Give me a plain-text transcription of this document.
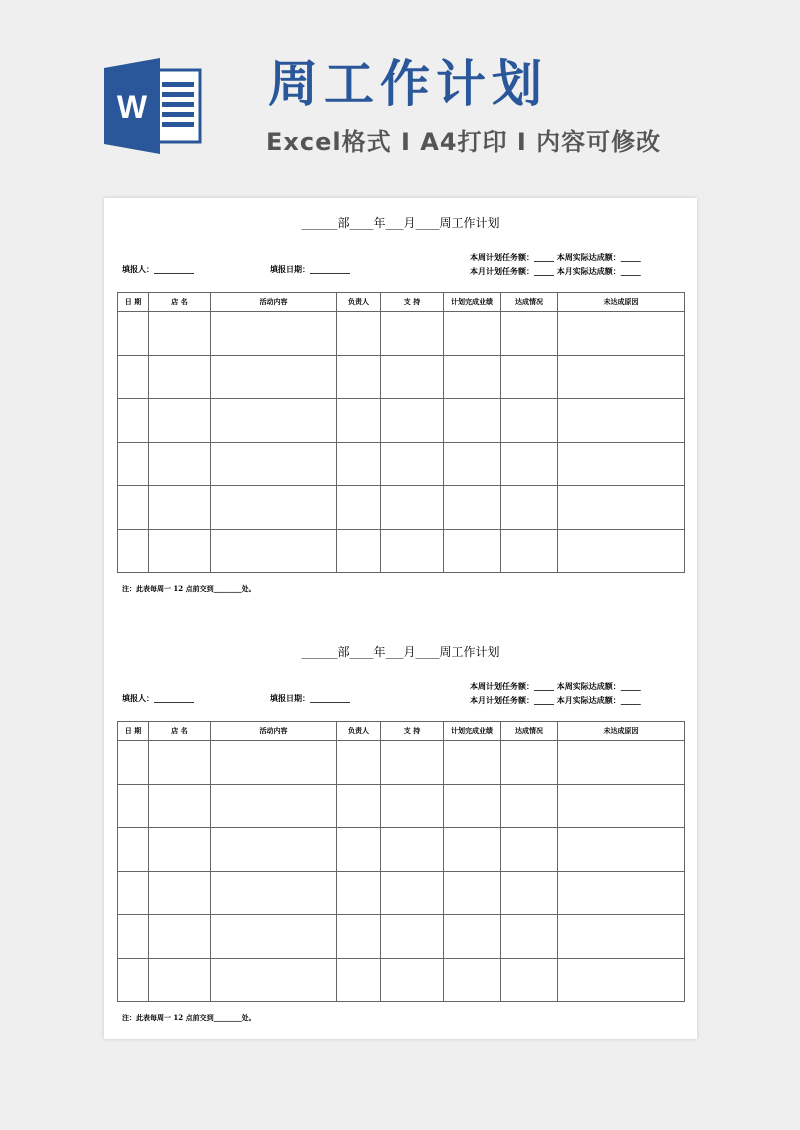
W 周工作计划
Excel格式 I A4打印 I 内容可修改
______部____年___月____周工作计划
本周计划任务额：_____ 本周实际达成额：_____
本月计划任务额：_____ 本月实际达成额：_____
填报人：__________	填报日期：__________
日 期	店 名	活动内容	负责人	支 持	计划完成业绩	达成情况	未达成原因

注：此表每周一 12 点前交到________处。
______部____年___月____周工作计划
本周计划任务额：_____ 本周实际达成额：_____
本月计划任务额：_____ 本月实际达成额：_____
填报人：__________	填报日期：__________
日 期	店 名	活动内容	负责人	支 持	计划完成业绩	达成情况	未达成原因

注：此表每周一 12 点前交到________处。
